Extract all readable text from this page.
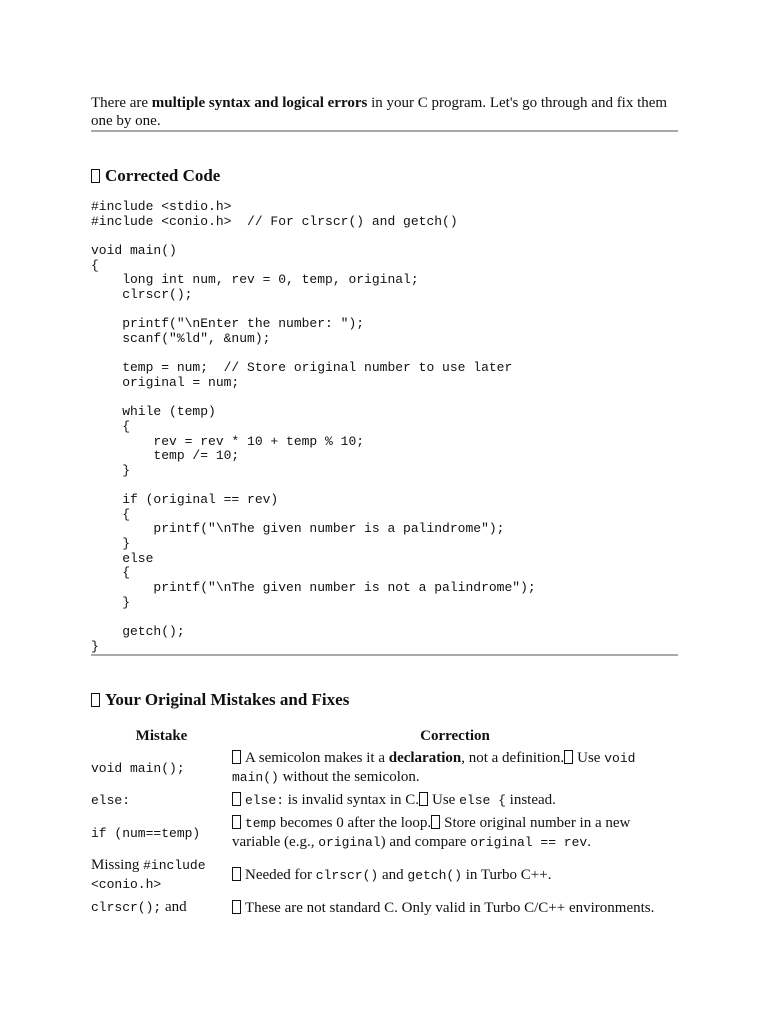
There are multiple syntax and logical errors in your C program. Let's go through and fix them one by one.

Corrected Code
#include <stdio.h>
#include <conio.h>  // For clrscr() and getch()

void main()
{
long int num, rev = 0, temp, original;
clrscr();

printf("\nEnter the number: ");
scanf("%ld", &num);

temp = num;  // Store original number to use later
original = num;

while (temp)
{
rev = rev * 10 + temp % 10;
temp /= 10;
}

if (original == rev)
{
printf("\nThe given number is a palindrome");
}
else
{
printf("\nThe given number is not a palindrome");
}

getch();
}
Your Original Mistakes and Fixes
Mistake	Correction
void main();	A semicolon makes it a declaration, not a definition. Use void main() without the semicolon.
else:	else: is invalid syntax in C. Use else { instead.
if (num==temp)	temp becomes 0 after the loop. Store original number in a new variable (e.g., original) and compare original == rev.
Missing #include <conio.h>	Needed for clrscr() and getch() in Turbo C++.
clrscr(); and	These are not standard C. Only valid in Turbo C/C++ environments.
